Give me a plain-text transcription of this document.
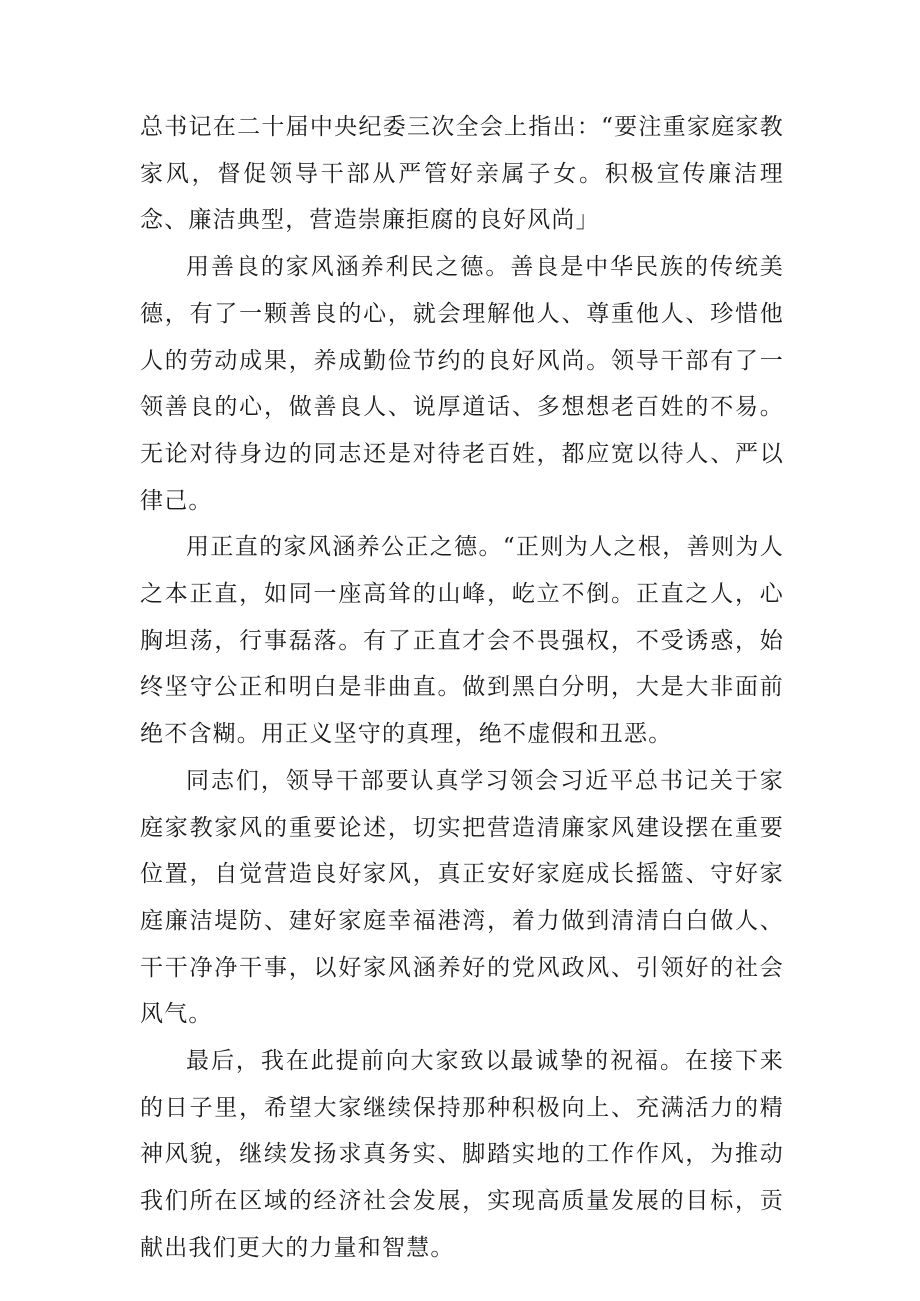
总书记在二十届中央纪委三次全会上指出：“要注重家庭家教家风，督促领导干部从严管好亲属子女。积极宣传廉洁理念、廉洁典型，营造崇廉拒腐的良好风尚」

用善良的家风涵养利民之德。善良是中华民族的传统美德，有了一颗善良的心，就会理解他人、尊重他人、珍惜他人的劳动成果，养成勤俭节约的良好风尚。领导干部有了一领善良的心，做善良人、说厚道话、多想想老百姓的不易。无论对待身边的同志还是对待老百姓，都应宽以待人、严以律己。

用正直的家风涵养公正之德。“正则为人之根，善则为人之本正直，如同一座高耸的山峰，屹立不倒。正直之人，心胸坦荡，行事磊落。有了正直才会不畏强权，不受诱惑，始终坚守公正和明白是非曲直。做到黑白分明，大是大非面前绝不含糊。用正义坚守的真理，绝不虚假和丑恶。

同志们，领导干部要认真学习领会习近平总书记关于家庭家教家风的重要论述，切实把营造清廉家风建设摆在重要位置，自觉营造良好家风，真正安好家庭成长摇篮、守好家庭廉洁堤防、建好家庭幸福港湾，着力做到清清白白做人、干干净净干事，以好家风涵养好的党风政风、引领好的社会风气。

最后，我在此提前向大家致以最诚挚的祝福。在接下来的日子里，希望大家继续保持那种积极向上、充满活力的精神风貌，继续发扬求真务实、脚踏实地的工作作风，为推动我们所在区域的经济社会发展，实现高质量发展的目标，贡献出我们更大的力量和智慧。
